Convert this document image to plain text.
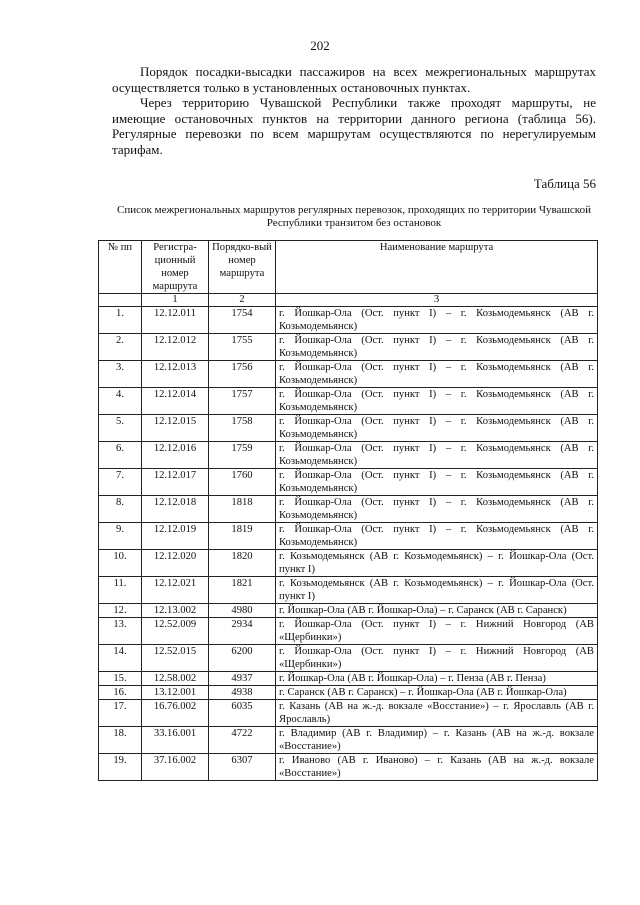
202

Порядок посадки-высадки пассажиров на всех межрегиональных маршрутах осуществляется только в установленных остановочных пунктах.

Через территорию Чувашской Республики также проходят маршруты, не имеющие остановочных пунктов на территории данного региона (таблица 56). Регулярные перевозки по всем маршрутам осуществляются по нерегулируемым тарифам.

Таблица 56
Список межрегиональных маршрутов регулярных перевозок, проходящих по территории Чувашской Республики транзитом без остановок
№ пп	Регистра-ционный номер маршрута	Порядко-вый номер маршрута	Наименование маршрута
	1	2	3
1.	12.12.011	1754	г. Йошкар-Ола (Ост. пункт I) – г. Козьмодемьянск (АВ г. Козьмодемьянск)
2.	12.12.012	1755	г. Йошкар-Ола (Ост. пункт I) – г. Козьмодемьянск (АВ г. Козьмодемьянск)
3.	12.12.013	1756	г. Йошкар-Ола (Ост. пункт I) – г. Козьмодемьянск (АВ г. Козьмодемьянск)
4.	12.12.014	1757	г. Йошкар-Ола (Ост. пункт I) – г. Козьмодемьянск (АВ г. Козьмодемьянск)
5.	12.12.015	1758	г. Йошкар-Ола (Ост. пункт I) – г. Козьмодемьянск (АВ г. Козьмодемьянск)
6.	12.12.016	1759	г. Йошкар-Ола (Ост. пункт I) – г. Козьмодемьянск (АВ г. Козьмодемьянск)
7.	12.12.017	1760	г. Йошкар-Ола (Ост. пункт I) – г. Козьмодемьянск (АВ г. Козьмодемьянск)
8.	12.12.018	1818	г. Йошкар-Ола (Ост. пункт I) – г. Козьмодемьянск (АВ г. Козьмодемьянск)
9.	12.12.019	1819	г. Йошкар-Ола (Ост. пункт I) – г. Козьмодемьянск (АВ г. Козьмодемьянск)
10.	12.12.020	1820	г. Козьмодемьянск (АВ г. Козьмодемьянск) – г. Йошкар-Ола (Ост. пункт I)
11.	12.12.021	1821	г. Козьмодемьянск (АВ г. Козьмодемьянск) – г. Йошкар-Ола (Ост. пункт I)
12.	12.13.002	4980	г. Йошкар-Ола (АВ г. Йошкар-Ола) – г. Саранск (АВ г. Саранск)
13.	12.52.009	2934	г. Йошкар-Ола (Ост. пункт I) – г. Нижний Новгород (АВ «Щербинки»)
14.	12.52.015	6200	г. Йошкар-Ола (Ост. пункт I) – г. Нижний Новгород (АВ «Щербинки»)
15.	12.58.002	4937	г. Йошкар-Ола (АВ г. Йошкар-Ола) – г. Пенза (АВ г. Пенза)
16.	13.12.001	4938	г. Саранск (АВ г. Саранск) – г. Йошкар-Ола (АВ г. Йошкар-Ола)
17.	16.76.002	6035	г. Казань (АВ на ж.-д. вокзале «Восстание») – г. Ярославль (АВ г. Ярославль)
18.	33.16.001	4722	г. Владимир (АВ г. Владимир) – г. Казань (АВ на ж.-д. вокзале «Восстание»)
19.	37.16.002	6307	г. Иваново (АВ г. Иваново) – г. Казань (АВ на ж.-д. вокзале «Восстание»)
